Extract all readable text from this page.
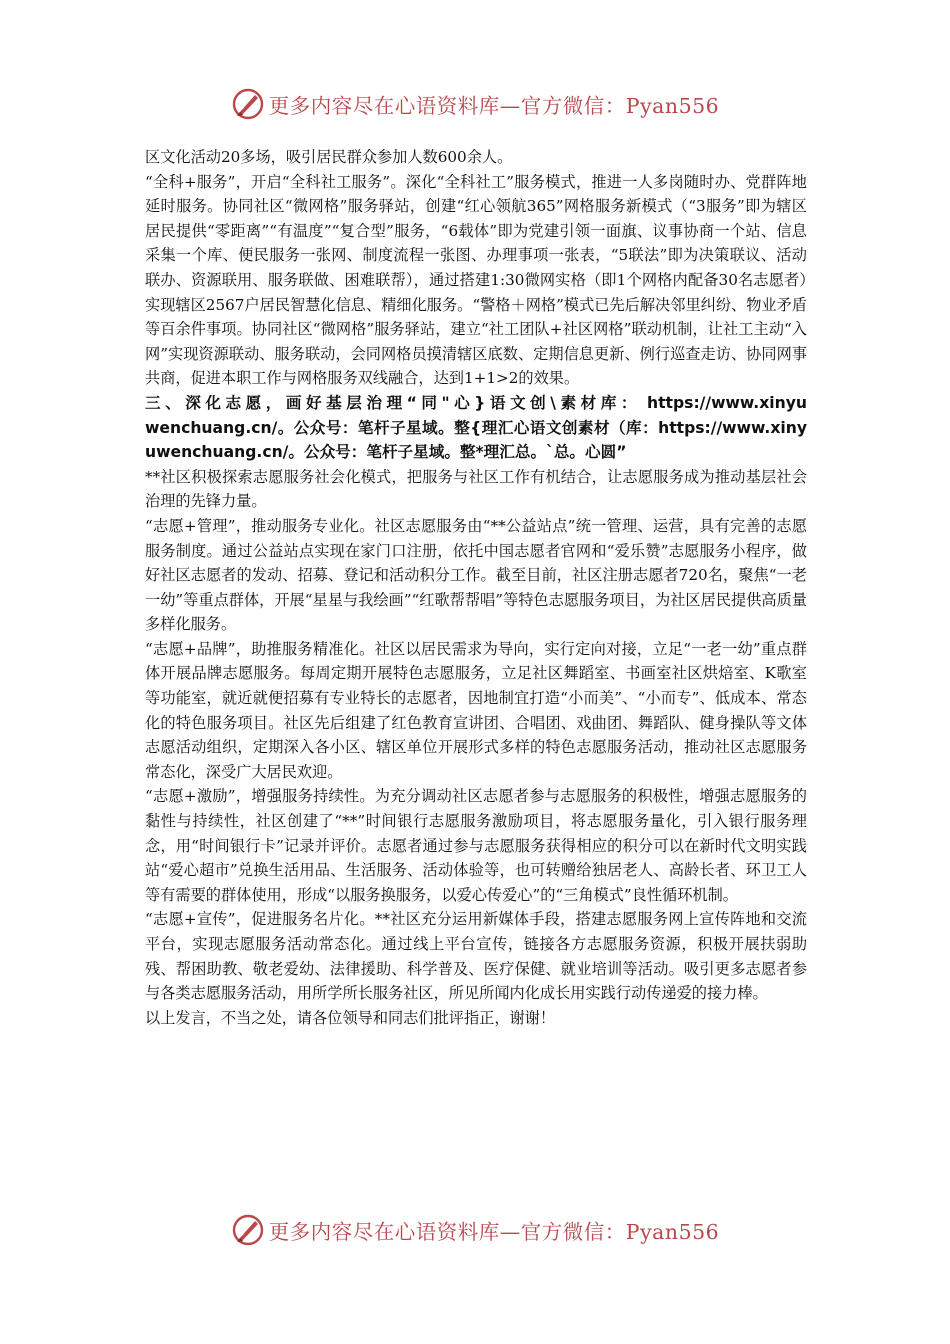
更多内容尽在心语资料库—官方微信：Pyan556

区文化活动20多场，吸引居民群众参加人数600余人。

“全科+服务”，开启“全科社工服务”。深化“全科社工”服务模式，推进一人多岗随时办、党群阵地延时服务。协同社区“微网格”服务驿站，创建“红心领航365”网格服务新模式（“3服务”即为辖区居民提供“零距离”“有温度”“复合型”服务，“6载体”即为党建引领一面旗、议事协商一个站、信息采集一个库、便民服务一张网、制度流程一张图、办理事项一张表，“5联法”即为决策联议、活动联办、资源联用、服务联做、困难联帮），通过搭建1:30微网实格（即1个网格内配备30名志愿者）实现辖区2567户居民智慧化信息、精细化服务。“警格＋网格”模式已先后解决邻里纠纷、物业矛盾等百余件事项。协同社区“微网格”服务驿站，建立“社工团队+社区网格”联动机制，让社工主动“入网”实现资源联动、服务联动，会同网格员摸清辖区底数、定期信息更新、例行巡查走访、协同网事共商，促进本职工作与网格服务双线融合，达到1+1>2的效果。

三、深化志愿，画好基层治理“同"心}语文创\素材库： https://www.xinyuwenchuang.cn/。公众号：笔杆子星域。整{理汇心语文创素材（库：https://www.xinyuwenchuang.cn/。公众号：笔杆子星域。整*理汇总。`总。心圆”

**社区积极探索志愿服务社会化模式，把服务与社区工作有机结合，让志愿服务成为推动基层社会治理的先锋力量。

“志愿+管理”，推动服务专业化。社区志愿服务由“**公益站点”统一管理、运营，具有完善的志愿服务制度。通过公益站点实现在家门口注册，依托中国志愿者官网和“爱乐赞”志愿服务小程序，做好社区志愿者的发动、招募、登记和活动积分工作。截至目前，社区注册志愿者720名，聚焦“一老一幼”等重点群体，开展“星星与我绘画”“红歌帮帮唱”等特色志愿服务项目，为社区居民提供高质量多样化服务。

“志愿+品牌”，助推服务精准化。社区以居民需求为导向，实行定向对接，立足“一老一幼”重点群体开展品牌志愿服务。每周定期开展特色志愿服务，立足社区舞蹈室、书画室社区烘焙室、K歌室等功能室，就近就便招募有专业特长的志愿者，因地制宜打造“小而美”、“小而专”、低成本、常态化的特色服务项目。社区先后组建了红色教育宣讲团、合唱团、戏曲团、舞蹈队、健身操队等文体志愿活动组织，定期深入各小区、辖区单位开展形式多样的特色志愿服务活动，推动社区志愿服务常态化，深受广大居民欢迎。

“志愿+激励”，增强服务持续性。为充分调动社区志愿者参与志愿服务的积极性，增强志愿服务的黏性与持续性，社区创建了“**”时间银行志愿服务激励项目，将志愿服务量化，引入银行服务理念，用“时间银行卡”记录并评价。志愿者通过参与志愿服务获得相应的积分可以在新时代文明实践站“爱心超市”兑换生活用品、生活服务、活动体验等，也可转赠给独居老人、高龄长者、环卫工人等有需要的群体使用，形成“以服务换服务，以爱心传爱心”的“三角模式”良性循环机制。

“志愿+宣传”，促进服务名片化。**社区充分运用新媒体手段，搭建志愿服务网上宣传阵地和交流平台，实现志愿服务活动常态化。通过线上平台宣传，链接各方志愿服务资源，积极开展扶弱助残、帮困助教、敬老爱幼、法律援助、科学普及、医疗保健、就业培训等活动。吸引更多志愿者参与各类志愿服务活动，用所学所长服务社区，所见所闻内化成长用实践行动传递爱的接力棒。

以上发言，不当之处，请各位领导和同志们批评指正，谢谢！

更多内容尽在心语资料库—官方微信：Pyan556
